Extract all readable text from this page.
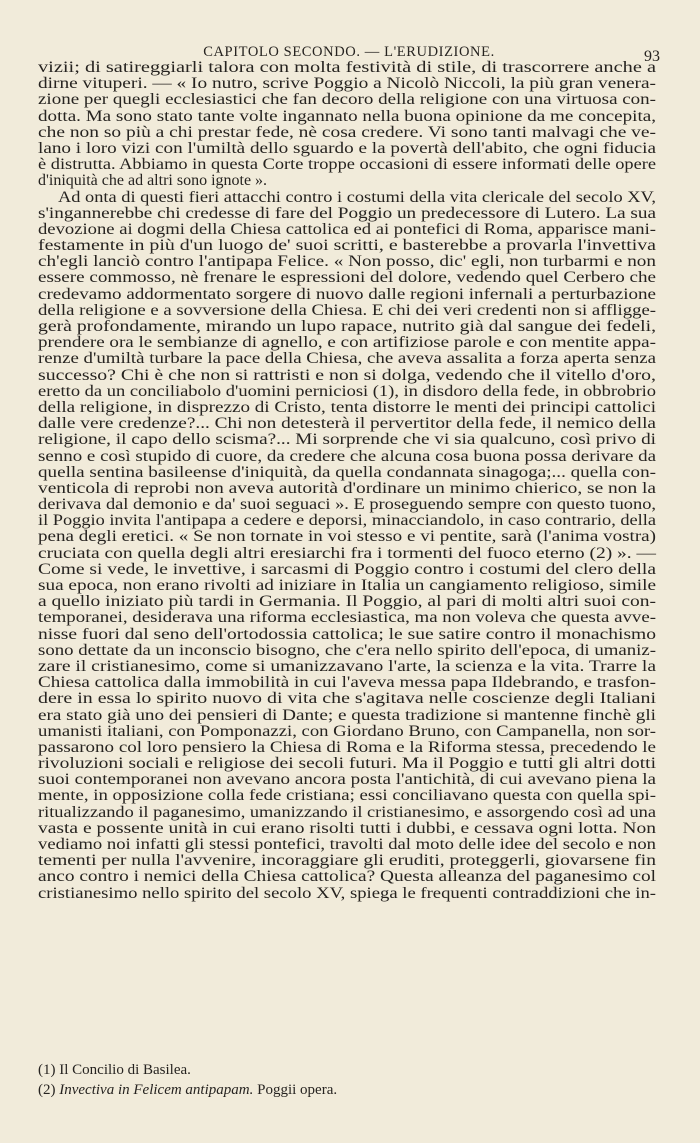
CAPITOLO SECONDO. — L'ERUDIZIONE.	93
vizii; di satireggiarli talora con molta festività di stile, di trascorrere anche a
dirne vituperi. — « Io nutro, scrive Poggio a Nicolò Niccoli, la più gran venera-
zione per quegli ecclesiastici che fan decoro della religione con una virtuosa con-
dotta. Ma sono stato tante volte ingannato nella buona opinione da me concepita,
che non so più a chi prestar fede, nè cosa credere. Vi sono tanti malvagi che ve-
lano i loro vizi con l'umiltà dello sguardo e la povertà dell'abito, che ogni fiducia
è distrutta. Abbiamo in questa Corte troppe occasioni di essere informati delle opere
d'iniquità che ad altri sono ignote ».
Ad onta di questi fieri attacchi contro i costumi della vita clericale del secolo XV,
s'ingannerebbe chi credesse di fare del Poggio un predecessore di Lutero. La sua
devozione ai dogmi della Chiesa cattolica ed ai pontefici di Roma, apparisce mani-
festamente in più d'un luogo de' suoi scritti, e basterebbe a provarla l'invettiva
ch'egli lanciò contro l'antipapa Felice. « Non posso, dic' egli, non turbarmi e non
essere commosso, nè frenare le espressioni del dolore, vedendo quel Cerbero che
credevamo addormentato sorgere di nuovo dalle regioni infernali a perturbazione
della religione e a sovversione della Chiesa. E chi dei veri credenti non si affligge-
gerà profondamente, mirando un lupo rapace, nutrito già dal sangue dei fedeli,
prendere ora le sembianze di agnello, e con artifiziose parole e con mentite appa-
renze d'umiltà turbare la pace della Chiesa, che aveva assalita a forza aperta senza
successo? Chi è che non si rattristi e non si dolga, vedendo che il vitello d'oro,
eretto da un conciliabolo d'uomini perniciosi (1), in disdoro della fede, in obbrobrio
della religione, in disprezzo di Cristo, tenta distorre le menti dei principi cattolici
dalle vere credenze?... Chi non detesterà il pervertitor della fede, il nemico della
religione, il capo dello scisma?... Mi sorprende che vi sia qualcuno, così privo di
senno e così stupido di cuore, da credere che alcuna cosa buona possa derivare da
quella sentina basileense d'iniquità, da quella condannata sinagoga;... quella con-
venticola di reprobi non aveva autorità d'ordinare un minimo chierico, se non la
derivava dal demonio e da' suoi seguaci ». E proseguendo sempre con questo tuono,
il Poggio invita l'antipapa a cedere e deporsi, minacciandolo, in caso contrario, della
pena degli eretici. « Se non tornate in voi stesso e vi pentite, sarà (l'anima vostra)
cruciata con quella degli altri eresiarchi fra i tormenti del fuoco eterno (2) ». —
Come si vede, le invettive, i sarcasmi di Poggio contro i costumi del clero della
sua epoca, non erano rivolti ad iniziare in Italia un cangiamento religioso, simile
a quello iniziato più tardi in Germania. Il Poggio, al pari di molti altri suoi con-
temporanei, desiderava una riforma ecclesiastica, ma non voleva che questa avve-
nisse fuori dal seno dell'ortodossia cattolica; le sue satire contro il monachismo
sono dettate da un inconscio bisogno, che c'era nello spirito dell'epoca, di umaniz-
zare il cristianesimo, come si umanizzavano l'arte, la scienza e la vita. Trarre la
Chiesa cattolica dalla immobilità in cui l'aveva messa papa Ildebrando, e trasfon-
dere in essa lo spirito nuovo di vita che s'agitava nelle coscienze degli Italiani
era stato già uno dei pensieri di Dante; e questa tradizione si mantenne finchè gli
umanisti italiani, con Pomponazzi, con Giordano Bruno, con Campanella, non sor-
passarono col loro pensiero la Chiesa di Roma e la Riforma stessa, precedendo le
rivoluzioni sociali e religiose dei secoli futuri. Ma il Poggio e tutti gli altri dotti
suoi contemporanei non avevano ancora posta l'antichità, di cui avevano piena la
mente, in opposizione colla fede cristiana; essi conciliavano questa con quella spi-
ritualizzando il paganesimo, umanizzando il cristianesimo, e assorgendo così ad una
vasta e possente unità in cui erano risolti tutti i dubbi, e cessava ogni lotta. Non
vediamo noi infatti gli stessi pontefici, travolti dal moto delle idee del secolo e non
tementi per nulla l'avvenire, incoraggiare gli eruditi, proteggerli, giovarsene fin
anco contro i nemici della Chiesa cattolica? Questa alleanza del paganesimo col
cristianesimo nello spirito del secolo XV, spiega le frequenti contraddizioni che in-
(1) Il Concilio di Basilea.
(2) Invectiva in Felicem antipapam. Poggii opera.
